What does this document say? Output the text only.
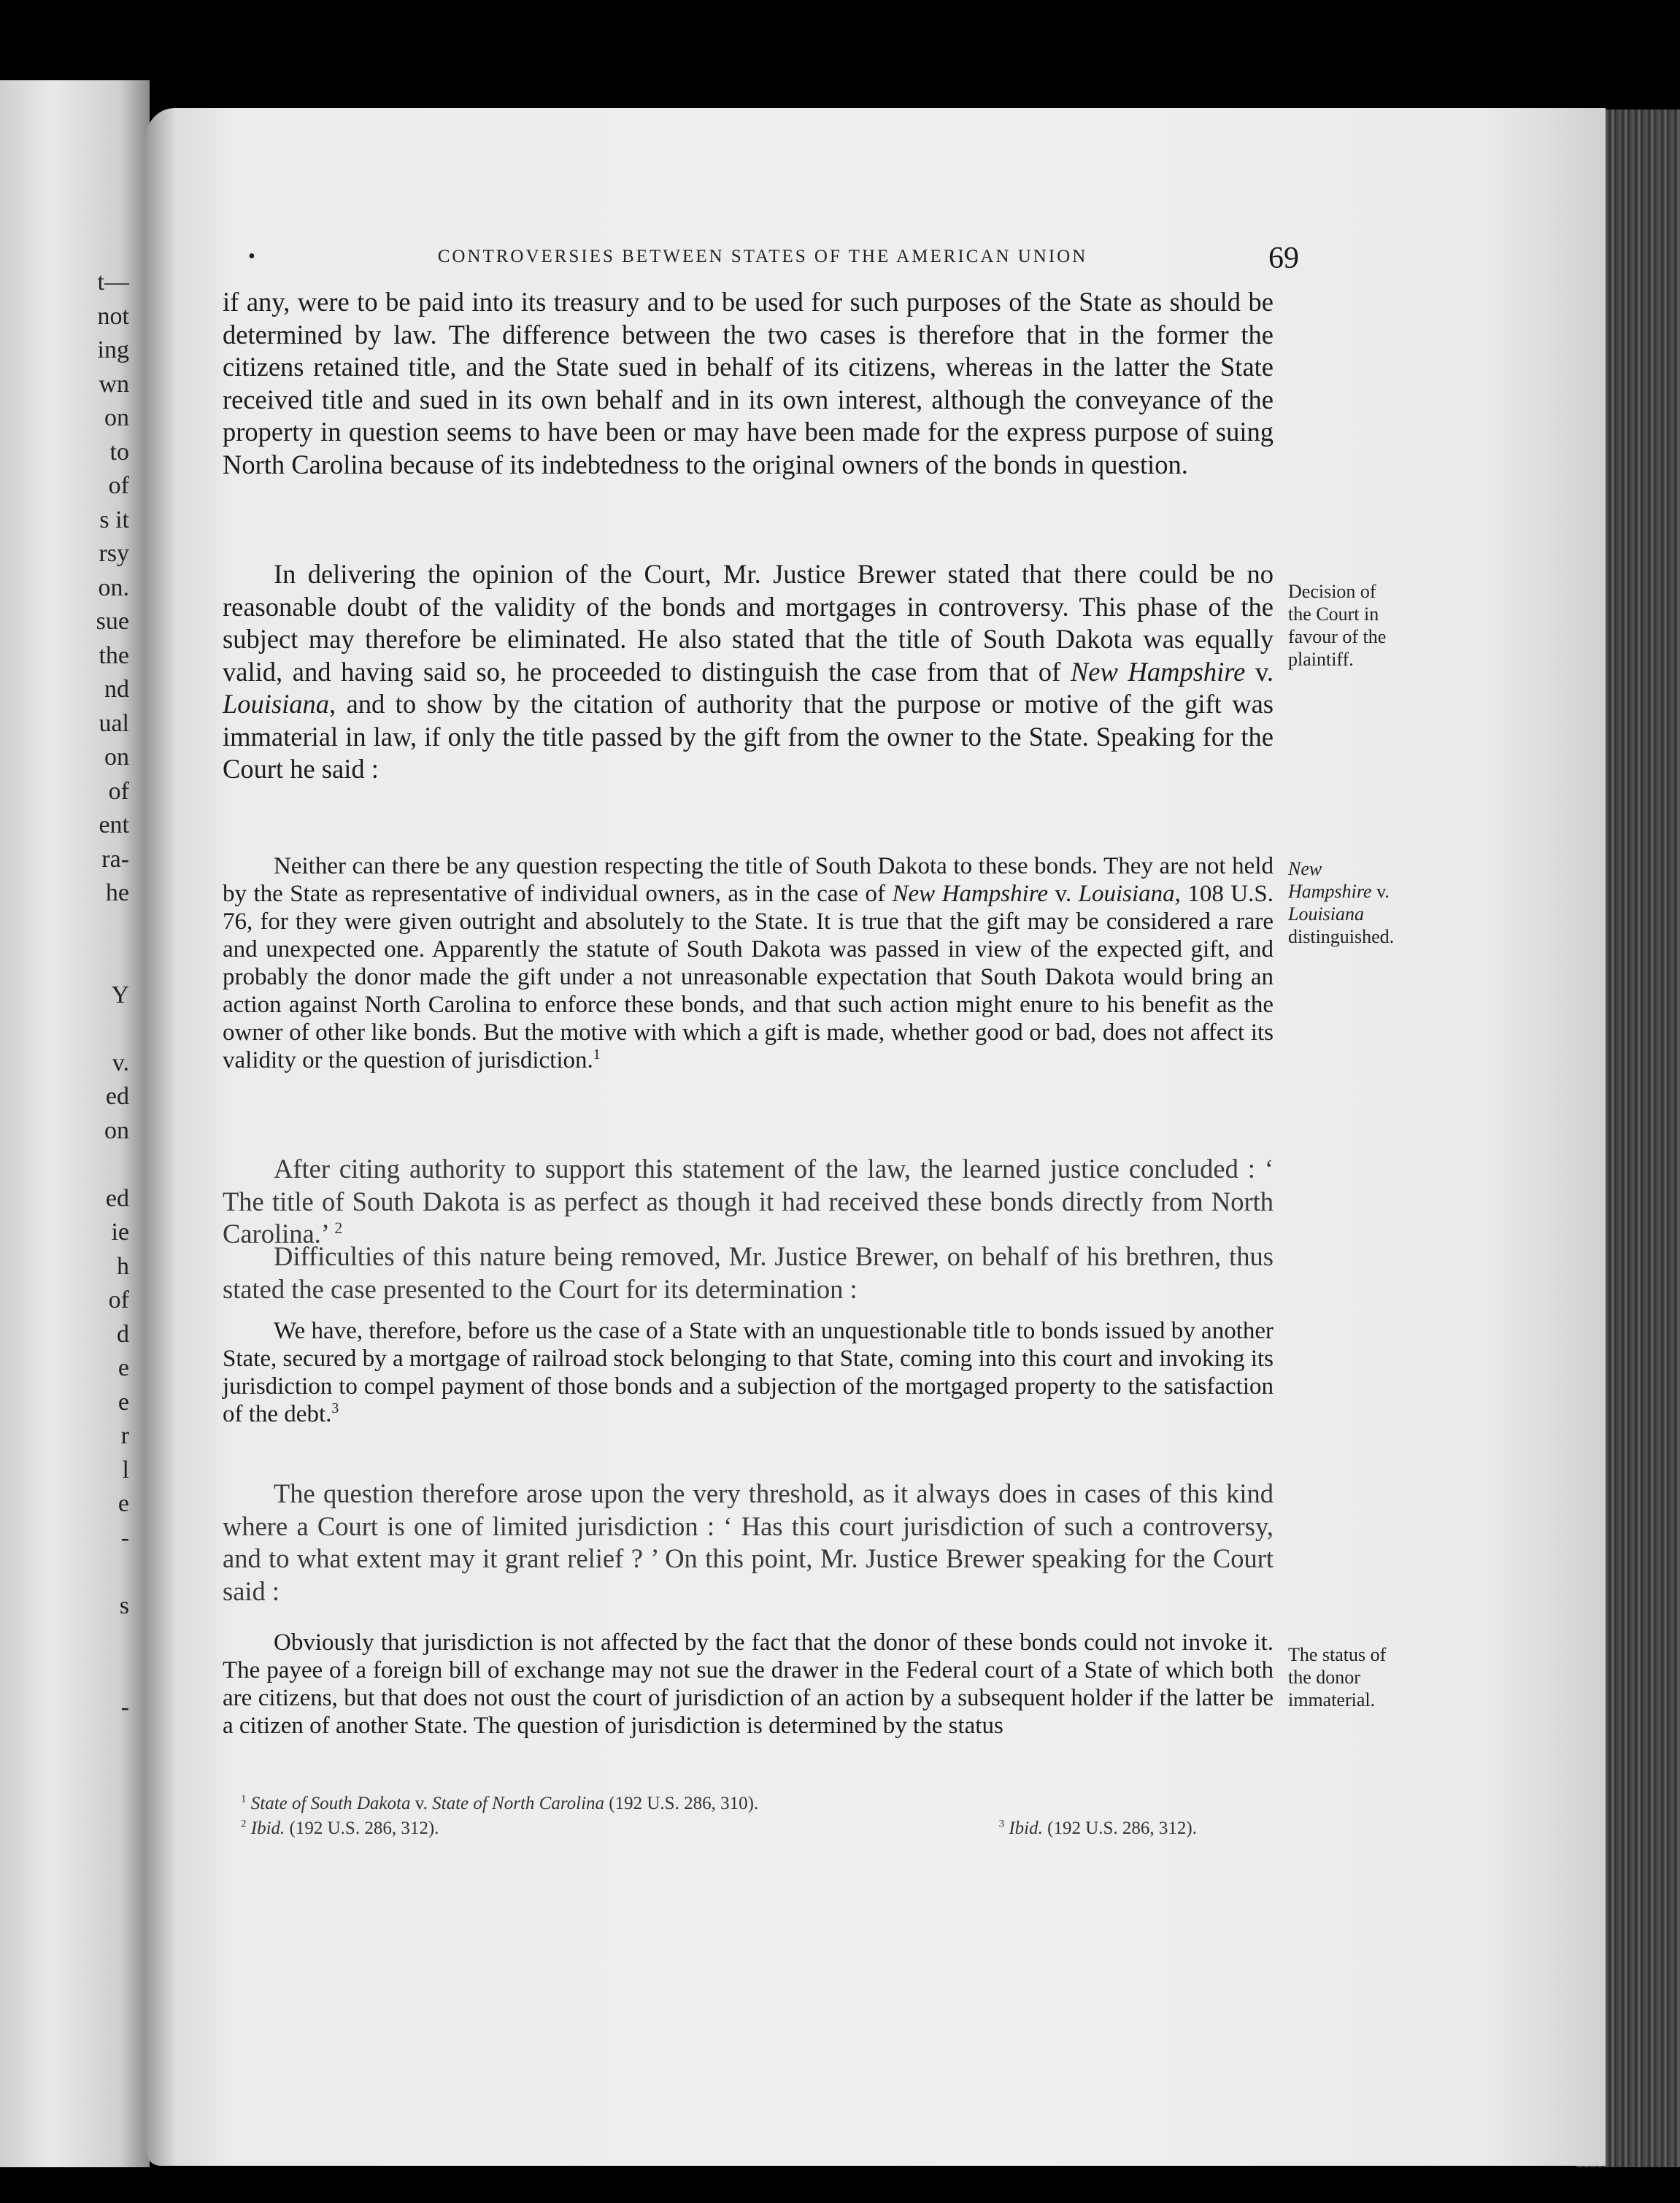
t—
not
ing
wn
on
to
of
s it
rsy
on.
sue
the
nd
ual
on
of
ent
ra-
he
Y
v.
ed
on
ed
ie
h
of
d
e
e
r
l
e
-
s
-
•	CONTROVERSIES BETWEEN STATES OF THE AMERICAN UNION	69

if any, were to be paid into its treasury and to be used for such purposes of the State as should be determined by law. The difference between the two cases is therefore that in the former the citizens retained title, and the State sued in behalf of its citizens, whereas in the latter the State received title and sued in its own behalf and in its own interest, although the conveyance of the property in question seems to have been or may have been made for the express purpose of suing North Carolina because of its indebtedness to the original owners of the bonds in question.

In delivering the opinion of the Court, Mr. Justice Brewer stated that there could be no reasonable doubt of the validity of the bonds and mortgages in controversy. This phase of the subject may therefore be eliminated. He also stated that the title of South Dakota was equally valid, and having said so, he proceeded to distinguish the case from that of New Hampshire v. Louisiana, and to show by the citation of authority that the purpose or motive of the gift was immaterial in law, if only the title passed by the gift from the owner to the State. Speaking for the Court he said :

Neither can there be any question respecting the title of South Dakota to these bonds. They are not held by the State as representative of individual owners, as in the case of New Hampshire v. Louisiana, 108 U.S. 76, for they were given outright and absolutely to the State. It is true that the gift may be considered a rare and unexpected one. Apparently the statute of South Dakota was passed in view of the expected gift, and probably the donor made the gift under a not unreasonable expectation that South Dakota would bring an action against North Carolina to enforce these bonds, and that such action might enure to his benefit as the owner of other like bonds. But the motive with which a gift is made, whether good or bad, does not affect its validity or the question of jurisdiction.$^1$

After citing authority to support this statement of the law, the learned justice concluded : ‘ The title of South Dakota is as perfect as though it had received these bonds directly from North Carolina.’ $^2$

Difficulties of this nature being removed, Mr. Justice Brewer, on behalf of his brethren, thus stated the case presented to the Court for its determination :

We have, therefore, before us the case of a State with an unquestionable title to bonds issued by another State, secured by a mortgage of railroad stock belonging to that State, coming into this court and invoking its jurisdiction to compel payment of those bonds and a subjection of the mortgaged property to the satisfaction of the debt.$^3$

The question therefore arose upon the very threshold, as it always does in cases of this kind where a Court is one of limited jurisdiction : ‘ Has this court jurisdiction of such a controversy, and to what extent may it grant relief ? ’ On this point, Mr. Justice Brewer speaking for the Court said :

Obviously that jurisdiction is not affected by the fact that the donor of these bonds could not invoke it. The payee of a foreign bill of exchange may not sue the drawer in the Federal court of a State of which both are citizens, but that does not oust the court of jurisdiction of an action by a subsequent holder if the latter be a citizen of another State. The question of jurisdiction is determined by the status

Decision of the Court in favour of the plaintiff.
New Hampshire v. Louisiana distinguished.
The status of the donor immaterial.
$^1$ State of South Dakota v. State of North Carolina (192 U.S. 286, 310).
$^2$ Ibid. (192 U.S. 286, 312).	$^3$ Ibid. (192 U.S. 286, 312).
